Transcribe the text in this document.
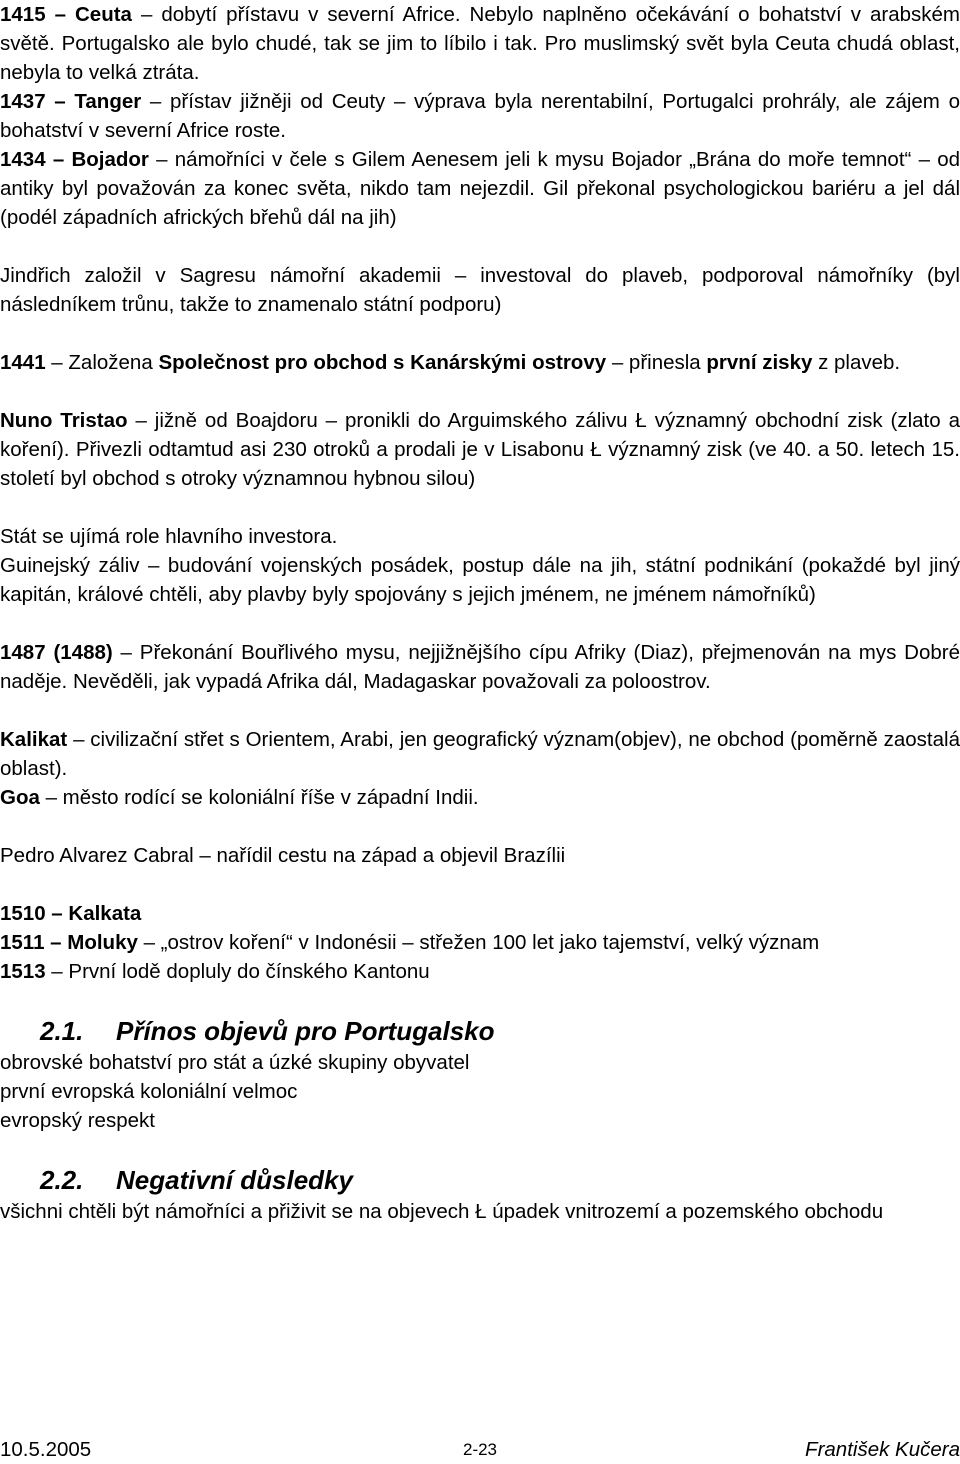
1415 – Ceuta – dobytí přístavu v severní Africe. Nebylo naplněno očekávání o bohatství v arabském světě. Portugalsko ale bylo chudé, tak se jim to líbilo i tak. Pro muslimský svět byla Ceuta chudá oblast, nebyla to velká ztráta.

1437 – Tanger – přístav jižněji od Ceuty – výprava byla nerentabilní, Portugalci prohrály, ale zájem o bohatství v severní Africe roste.

1434 – Bojador – námořníci v čele s Gilem Aenesem jeli k mysu Bojador „Brána do moře temnot“ – od antiky byl považován za konec světa, nikdo tam nejezdil. Gil překonal psychologickou bariéru a jel dál (podél západních afrických břehů dál na jih)

Jindřich založil v Sagresu námořní akademii – investoval do plaveb, podporoval námořníky (byl následníkem trůnu, takže to znamenalo státní podporu)

1441 – Založena Společnost pro obchod s Kanárskými ostrovy – přinesla první zisky z plaveb.

Nuno Tristao – jižně od Boajdoru – pronikli do Arguimského zálivu Ł významný obchodní zisk (zlato a koření). Přivezli odtamtud asi 230 otroků a prodali je v Lisabonu Ł významný zisk (ve 40. a 50. letech 15. století byl obchod s otroky významnou hybnou silou)

Stát se ujímá role hlavního investora.

Guinejský záliv – budování vojenských posádek, postup dále na jih, státní podnikání (pokaždé byl jiný kapitán, králové chtěli, aby plavby byly spojovány s jejich jménem, ne jménem námořníků)

1487 (1488) – Překonání Bouřlivého mysu, nejjižnějšího cípu Afriky (Diaz), přejmenován na mys Dobré naděje. Nevěděli, jak vypadá Afrika dál, Madagaskar považovali za poloostrov.

Kalikat – civilizační střet s Orientem, Arabi, jen geografický význam(objev), ne obchod (poměrně zaostalá oblast).

Goa – město rodící se koloniální říše v západní Indii.

Pedro Alvarez Cabral – nařídil cestu na západ a objevil Brazílii

1510 – Kalkata

1511 – Moluky – „ostrov koření“ v Indonésii – střežen 100 let jako tajemství, velký význam

1513 – První lodě dopluly do čínského Kantonu

2.1. Přínos objevů pro Portugalsko

obrovské bohatství pro stát a úzké skupiny obyvatel

první evropská koloniální velmoc

evropský respekt

2.2. Negativní důsledky

všichni chtěli být námořníci a přiživit se na objevech Ł úpadek vnitrozemí a pozemského obchodu

10.5.2005	2-23	František Kučera
